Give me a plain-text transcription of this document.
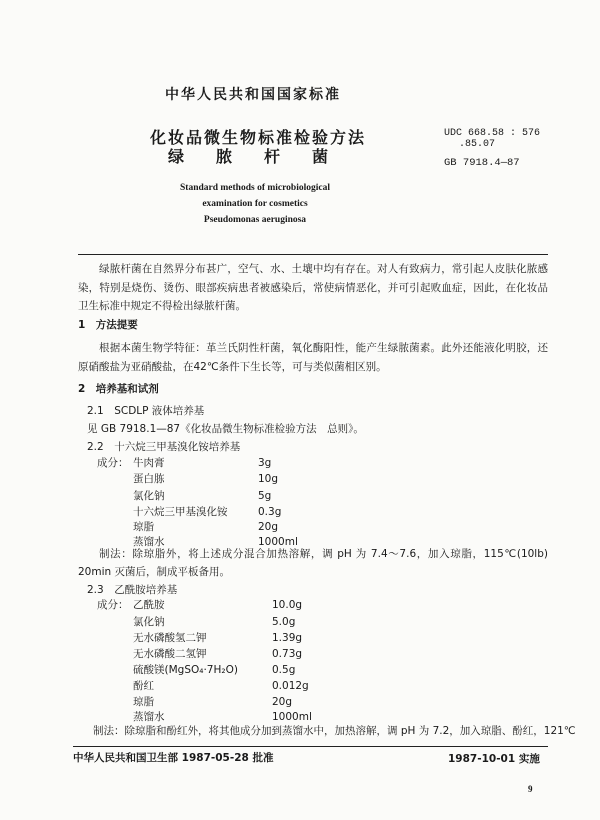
中华人民共和国国家标准
化妆品微生物标准检验方法
绿脓杆菌
UDC 668.58 : 576
.85.07
GB 7918.4—87
Standard methods of microbiological
examination for cosmetics
Pseudomonas aeruginosa
绿脓杆菌在自然界分布甚广，空气、水、土壤中均有存在。对人有致病力，常引起人皮肤化脓感染，特别是烧伤、烫伤、眼部疾病患者被感染后，常使病情恶化，并可引起败血症，因此，在化妆品卫生标准中规定不得检出绿脓杆菌。
1　方法提要
根据本菌生物学特征：革兰氏阴性杆菌，氧化酶阳性，能产生绿脓菌素。此外还能液化明胶，还原硝酸盐为亚硝酸盐，在42℃条件下生长等，可与类似菌相区别。
2　培养基和试剂
2.1　SCDLP 液体培养基
见 GB 7918.1—87《化妆品微生物标准检验方法　总则》。
2.2　十六烷三甲基溴化铵培养基
成分： 牛肉膏	3g
蛋白胨	10g
氯化钠	5g
十六烷三甲基溴化铵	0.3g
琼脂	20g
蒸馏水	1000ml
制法：除琼脂外，将上述成分混合加热溶解，调 pH 为 7.4～7.6，加入琼脂，115℃(10lb) 20min 灭菌后，制成平板备用。
2.3　乙酰胺培养基
成分： 乙酰胺	10.0g
氯化钠	5.0g
无水磷酸氢二钾	1.39g
无水磷酸二氢钾	0.73g
硫酸镁(MgSO₄·7H₂O)	0.5g
酚红	0.012g
琼脂	20g
蒸馏水	1000ml
制法：除琼脂和酚红外，将其他成分加到蒸馏水中，加热溶解，调 pH 为 7.2，加入琼脂、酚红，121℃
中华人民共和国卫生部 1987-05-28 批准	1987-10-01 实施
9
